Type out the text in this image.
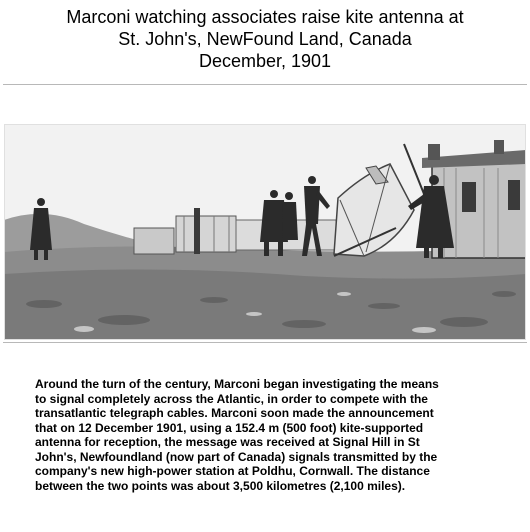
Marconi watching associates raise kite antenna at
St. John's, NewFound Land, Canada
December, 1901
Around the turn of the century, Marconi began investigating the means
to signal completely across the Atlantic, in order to compete with the
transatlantic telegraph cables. Marconi soon made the announcement
that on 12 December 1901, using a 152.4 m (500 foot) kite-supported
antenna for reception, the message was received at Signal Hill in St
John's, Newfoundland (now part of Canada) signals transmitted by the
company's new high-power station at Poldhu, Cornwall. The distance
between the two points was about 3,500 kilometres (2,100 miles).
